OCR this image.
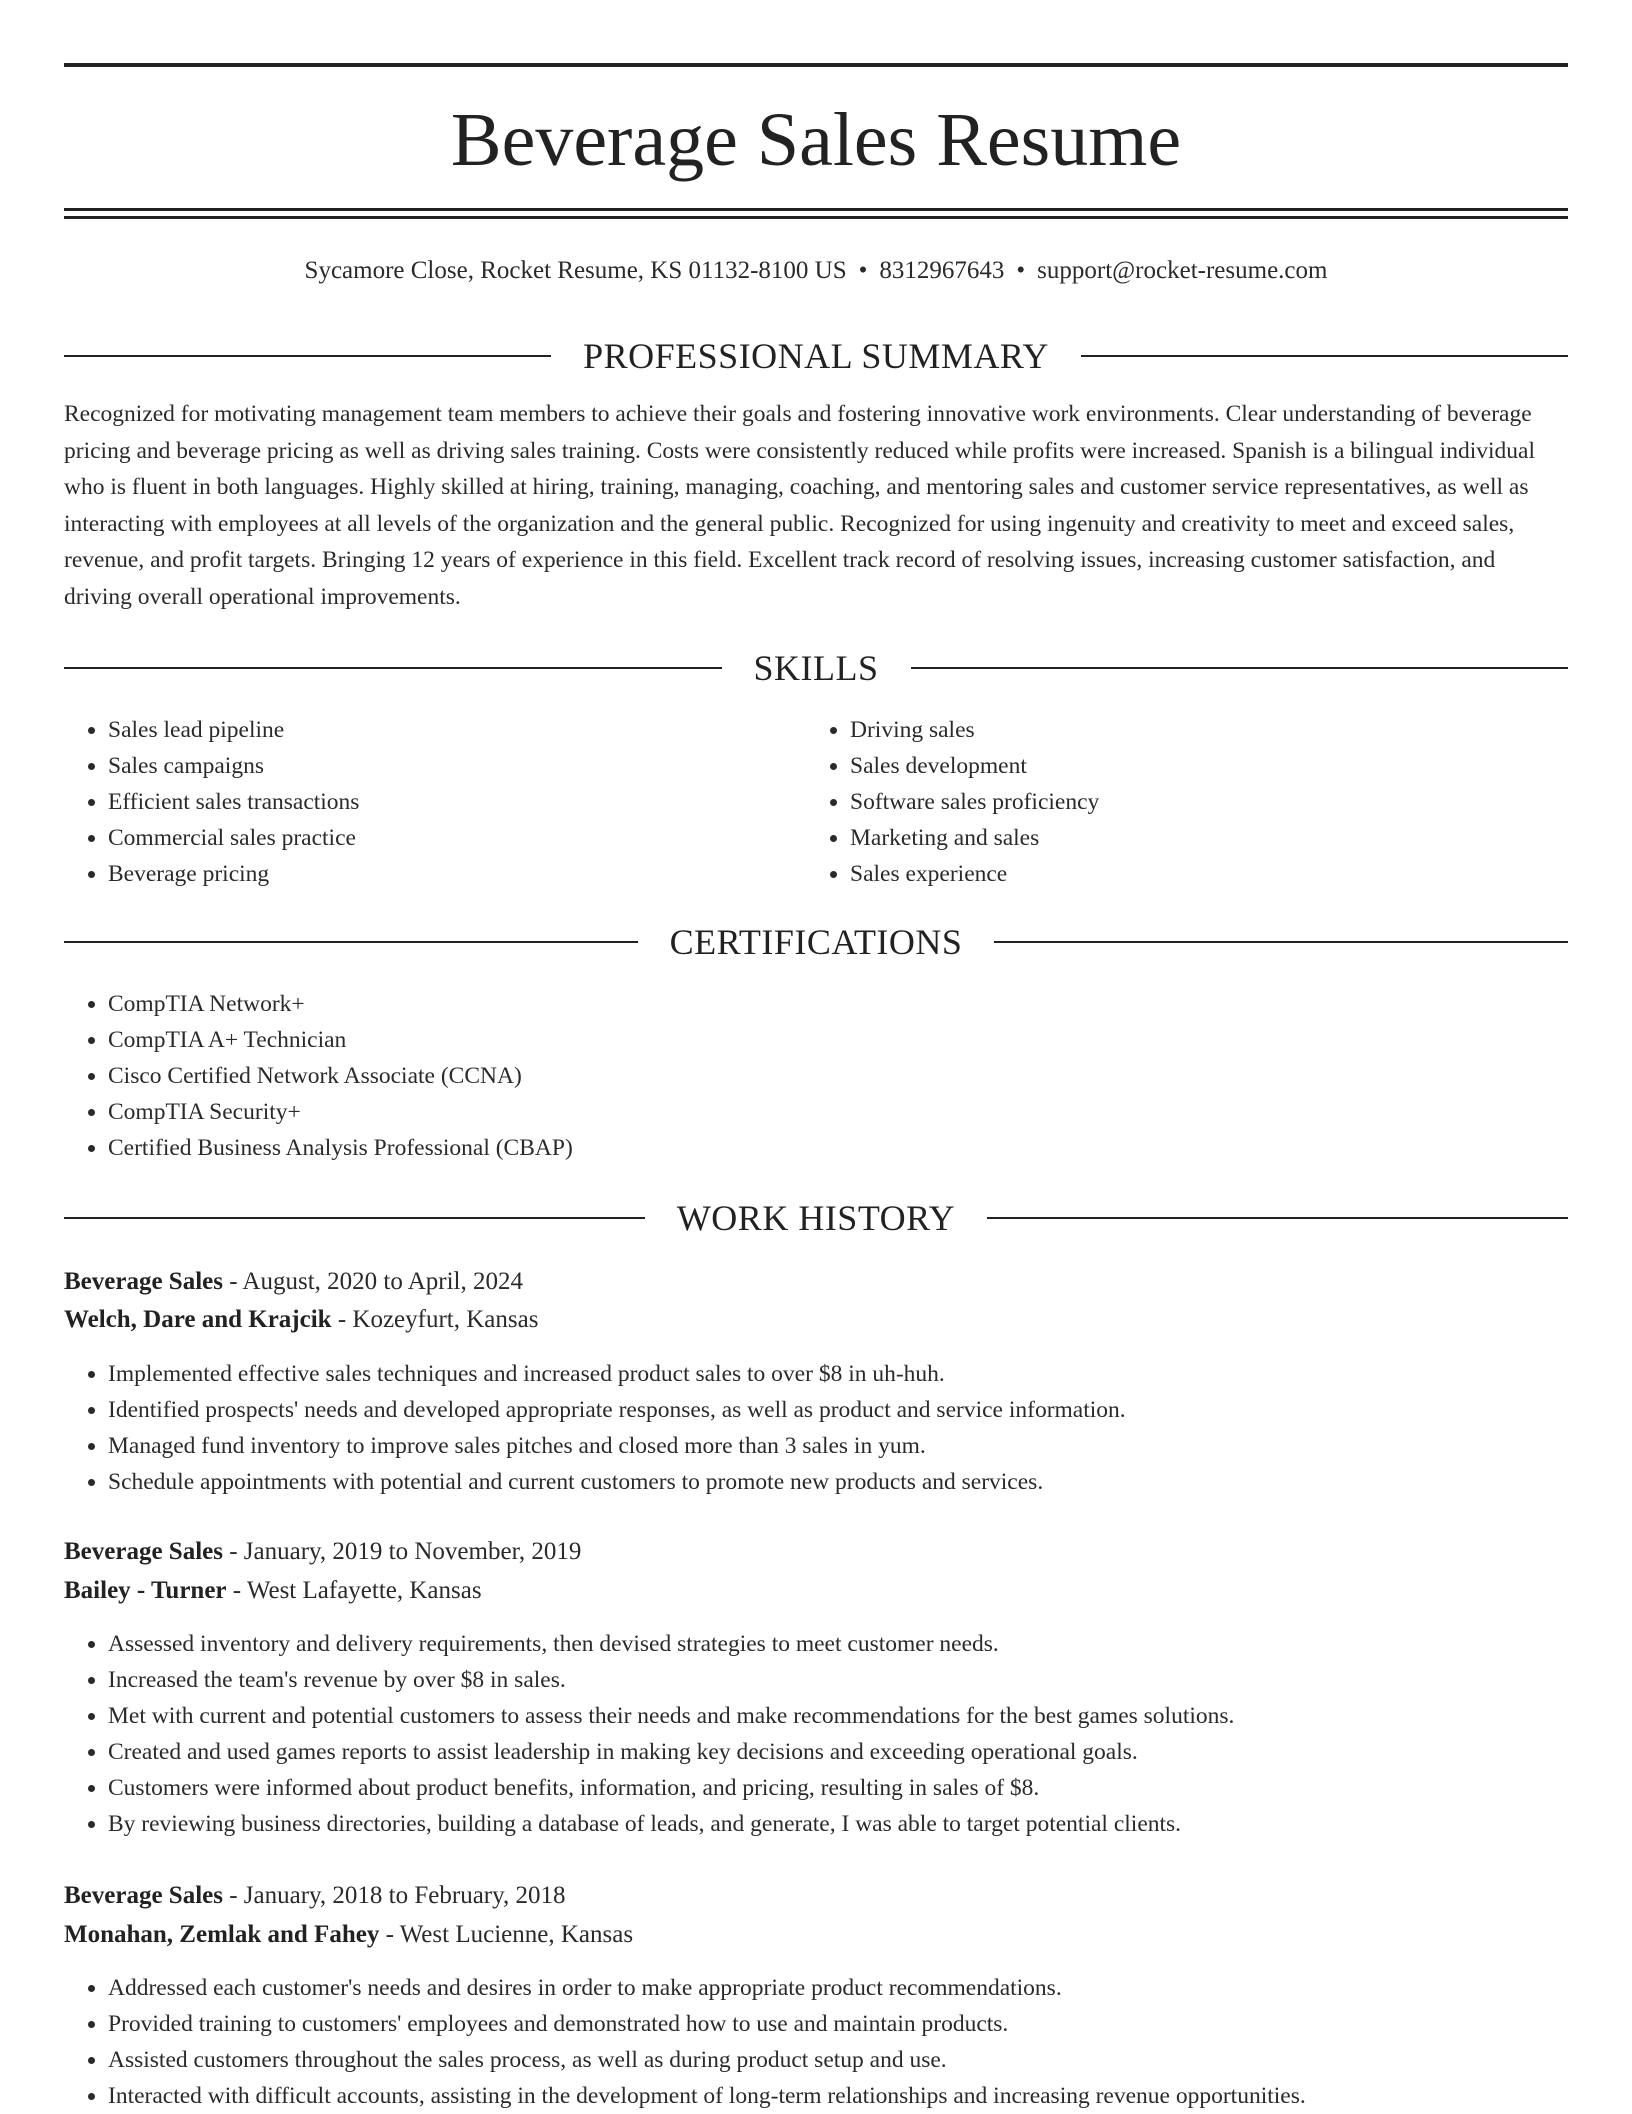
Beverage Sales Resume
Sycamore Close, Rocket Resume, KS 01132-8100 US • 8312967643 • support@rocket-resume.com
PROFESSIONAL SUMMARY

Recognized for motivating management team members to achieve their goals and fostering innovative work environments. Clear understanding of beverage pricing and beverage pricing as well as driving sales training. Costs were consistently reduced while profits were increased. Spanish is a bilingual individual who is fluent in both languages. Highly skilled at hiring, training, managing, coaching, and mentoring sales and customer service representatives, as well as interacting with employees at all levels of the organization and the general public. Recognized for using ingenuity and creativity to meet and exceed sales, revenue, and profit targets. Bringing 12 years of experience in this field. Excellent track record of resolving issues, increasing customer satisfaction, and driving overall operational improvements.

SKILLS
• Sales lead pipeline
• Sales campaigns
• Efficient sales transactions
• Commercial sales practice
• Beverage pricing
• Driving sales
• Sales development
• Software sales proficiency
• Marketing and sales
• Sales experience
CERTIFICATIONS
• CompTIA Network+
• CompTIA A+ Technician
• Cisco Certified Network Associate (CCNA)
• CompTIA Security+
• Certified Business Analysis Professional (CBAP)
WORK HISTORY
Beverage Sales - August, 2020 to April, 2024
Welch, Dare and Krajcik - Kozeyfurt, Kansas
• Implemented effective sales techniques and increased product sales to over $8 in uh-huh.
• Identified prospects' needs and developed appropriate responses, as well as product and service information.
• Managed fund inventory to improve sales pitches and closed more than 3 sales in yum.
• Schedule appointments with potential and current customers to promote new products and services.
Beverage Sales - January, 2019 to November, 2019
Bailey - Turner - West Lafayette, Kansas
• Assessed inventory and delivery requirements, then devised strategies to meet customer needs.
• Increased the team's revenue by over $8 in sales.
• Met with current and potential customers to assess their needs and make recommendations for the best games solutions.
• Created and used games reports to assist leadership in making key decisions and exceeding operational goals.
• Customers were informed about product benefits, information, and pricing, resulting in sales of $8.
• By reviewing business directories, building a database of leads, and generate, I was able to target potential clients.
Beverage Sales - January, 2018 to February, 2018
Monahan, Zemlak and Fahey - West Lucienne, Kansas
• Addressed each customer's needs and desires in order to make appropriate product recommendations.
• Provided training to customers' employees and demonstrated how to use and maintain products.
• Assisted customers throughout the sales process, as well as during product setup and use.
• Interacted with difficult accounts, assisting in the development of long-term relationships and increasing revenue opportunities.
